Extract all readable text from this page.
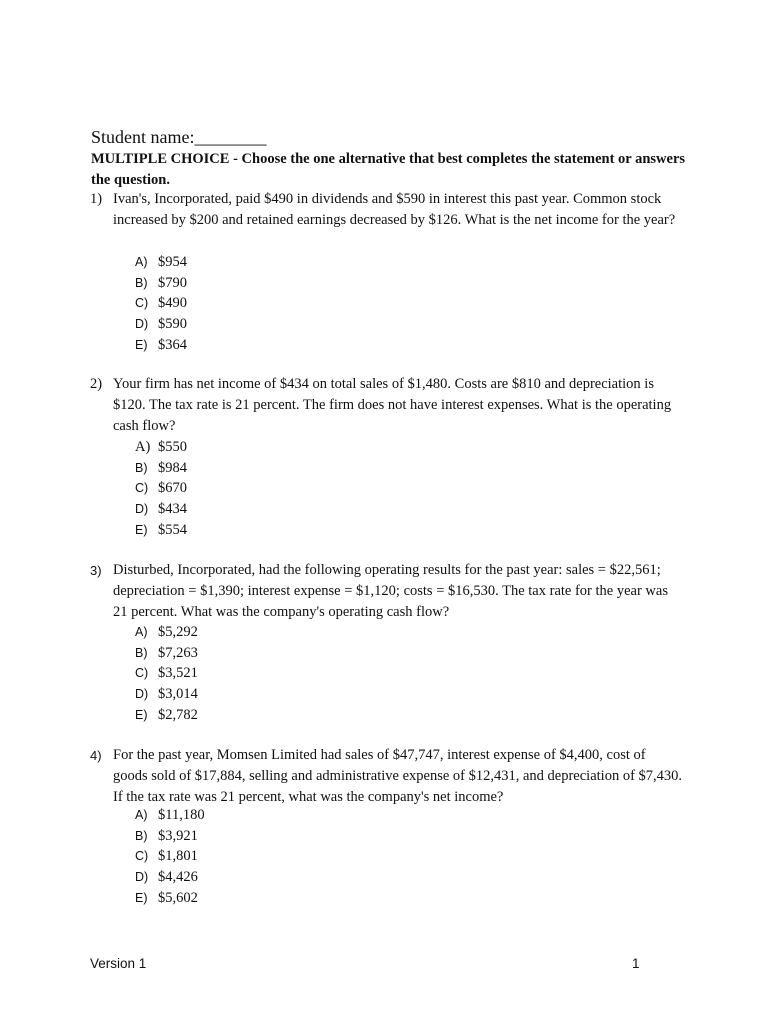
Student name:________
MULTIPLE CHOICE - Choose the one alternative that best completes the statement or answers the question.
1) Ivan's, Incorporated, paid $490 in dividends and $590 in interest this past year. Common stock increased by $200 and retained earnings decreased by $126. What is the net income for the year?
A) $954
B) $790
C) $490
D) $590
E) $364
2) Your firm has net income of $434 on total sales of $1,480. Costs are $810 and depreciation is $120. The tax rate is 21 percent. The firm does not have interest expenses. What is the operating cash flow?
A) $550
B) $984
C) $670
D) $434
E) $554
3) Disturbed, Incorporated, had the following operating results for the past year: sales = $22,561; depreciation = $1,390; interest expense = $1,120; costs = $16,530. The tax rate for the year was 21 percent. What was the company's operating cash flow?
A) $5,292
B) $7,263
C) $3,521
D) $3,014
E) $2,782
4) For the past year, Momsen Limited had sales of $47,747, interest expense of $4,400, cost of goods sold of $17,884, selling and administrative expense of $12,431, and depreciation of $7,430. If the tax rate was 21 percent, what was the company's net income?
A) $11,180
B) $3,921
C) $1,801
D) $4,426
E) $5,602
Version 1	1
